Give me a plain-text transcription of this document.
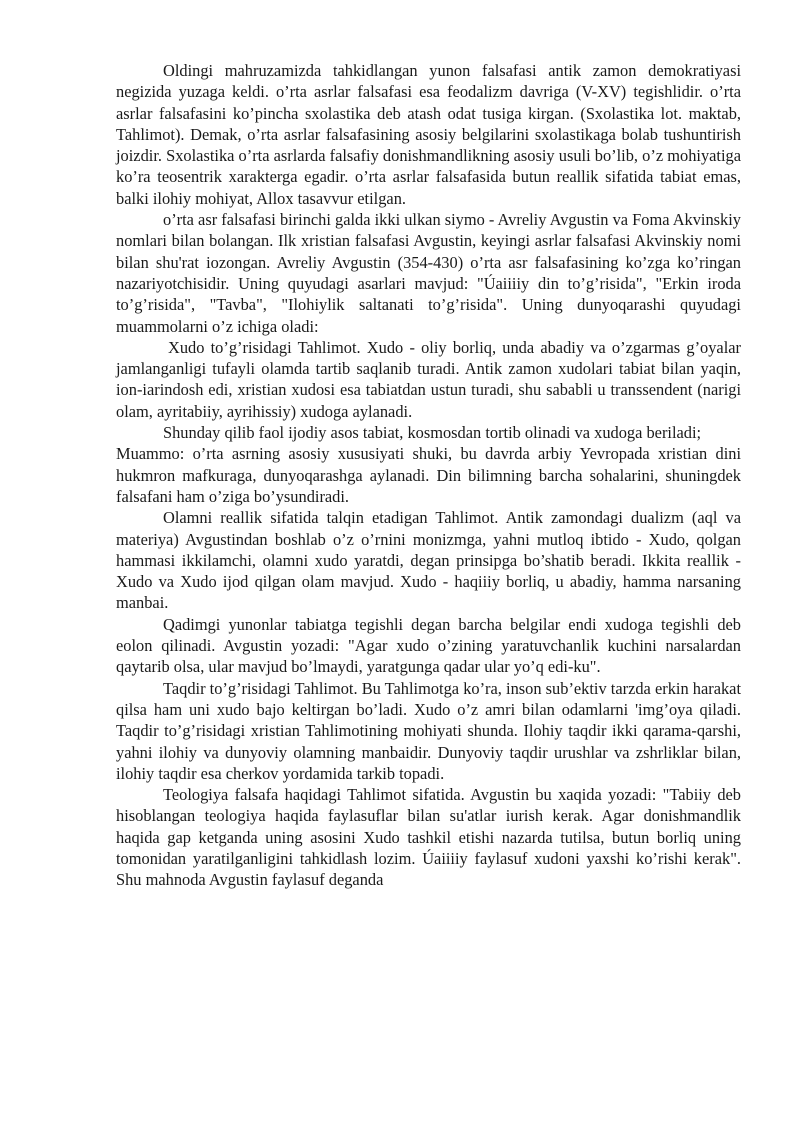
Oldingi mahruzamizda tahkidlangan yunon falsafasi antik zamon demokratiyasi negizida yuzaga keldi. o’rta asrlar falsafasi esa feodalizm davriga (V-XV) tegishlidir. o’rta asrlar falsafasini ko’pincha sxolastika deb atash odat tusiga kirgan. (Sxolastika lot. maktab, Tahlimot). Demak, o’rta asrlar falsafasining asosiy belgilarini sxolastikaga bolab tushuntirish joizdir. Sxolastika o’rta asrlarda falsafiy donishmandlikning asosiy usuli bo’lib, o’z mohiyatiga ko’ra teosentrik xarakterga egadir. o’rta asrlar falsafasida butun reallik sifatida tabiat emas, balki ilohiy mohiyat, Allox tasavvur etilgan.

o’rta asr falsafasi birinchi galda ikki ulkan siymo - Avreliy Avgustin va Foma Akvinskiy nomlari bilan bolangan. Ilk xristian falsafasi Avgustin, keyingi asrlar falsafasi Akvinskiy nomi bilan shu'rat iozongan. Avreliy Avgustin (354-430) o’rta asr falsafasining ko’zga ko’ringan nazariyotchisidir. Uning quyudagi asarlari mavjud: "Úaiiiiy din to’g’risida", "Erkin iroda to’g’risida", "Tavba", "Ilohiylik saltanati to’g’risida". Uning dunyoqarashi quyudagi muammolarni o’z ichiga oladi:

Xudo to’g’risidagi Tahlimot. Xudo - oliy borliq, unda abadiy va o’zgarmas g’oyalar jamlanganligi tufayli olamda tartib saqlanib turadi. Antik zamon xudolari tabiat bilan yaqin, ion-iarindosh edi, xristian xudosi esa tabiatdan ustun turadi, shu sababli u transsendent (narigi olam, ayritabiiy, ayrihissiy) xudoga aylanadi.

Shunday qilib faol ijodiy asos tabiat, kosmosdan tortib olinadi va xudoga beriladi;

Muammo: o’rta asrning asosiy xususiyati shuki, bu davrda arbiy Yevropada xristian dini hukmron mafkuraga, dunyoqarashga aylanadi. Din bilimning barcha sohalarini, shuningdek falsafani ham o’ziga bo’ysundiradi.

Olamni reallik sifatida talqin etadigan Tahlimot. Antik zamondagi dualizm (aql va materiya) Avgustindan boshlab o’z o’rnini monizmga, yahni mutloq ibtido - Xudo, qolgan hammasi ikkilamchi, olamni xudo yaratdi, degan prinsipga bo’shatib beradi. Ikkita reallik - Xudo va Xudo ijod qilgan olam mavjud. Xudo - haqiiiy borliq, u abadiy, hamma narsaning manbai.

Qadimgi yunonlar tabiatga tegishli degan barcha belgilar endi xudoga tegishli deb eolon qilinadi. Avgustin yozadi: "Agar xudo o’zining yaratuvchanlik kuchini narsalardan qaytarib olsa, ular mavjud bo’lmaydi, yaratgunga qadar ular yo’q edi-ku".

Taqdir to’g’risidagi Tahlimot. Bu Tahlimotga ko’ra, inson sub’ektiv tarzda erkin harakat qilsa ham uni xudo bajo keltirgan bo’ladi. Xudo o’z amri bilan odamlarni 'img’oya qiladi. Taqdir to’g’risidagi xristian Tahlimotining mohiyati shunda. Ilohiy taqdir ikki qarama-qarshi, yahni ilohiy va dunyoviy olamning manbaidir. Dunyoviy taqdir urushlar va zshrliklar bilan, ilohiy taqdir esa cherkov yordamida tarkib topadi.

Teologiya falsafa haqidagi Tahlimot sifatida. Avgustin bu xaqida yozadi: "Tabiiy deb hisoblangan teologiya haqida faylasuflar bilan su'atlar iurish kerak. Agar donishmandlik haqida gap ketganda uning asosini Xudo tashkil etishi nazarda tutilsa, butun borliq uning tomonidan yaratilganligini tahkidlash lozim. Úaiiiiy faylasuf xudoni yaxshi ko’rishi kerak". Shu mahnoda Avgustin faylasuf deganda
